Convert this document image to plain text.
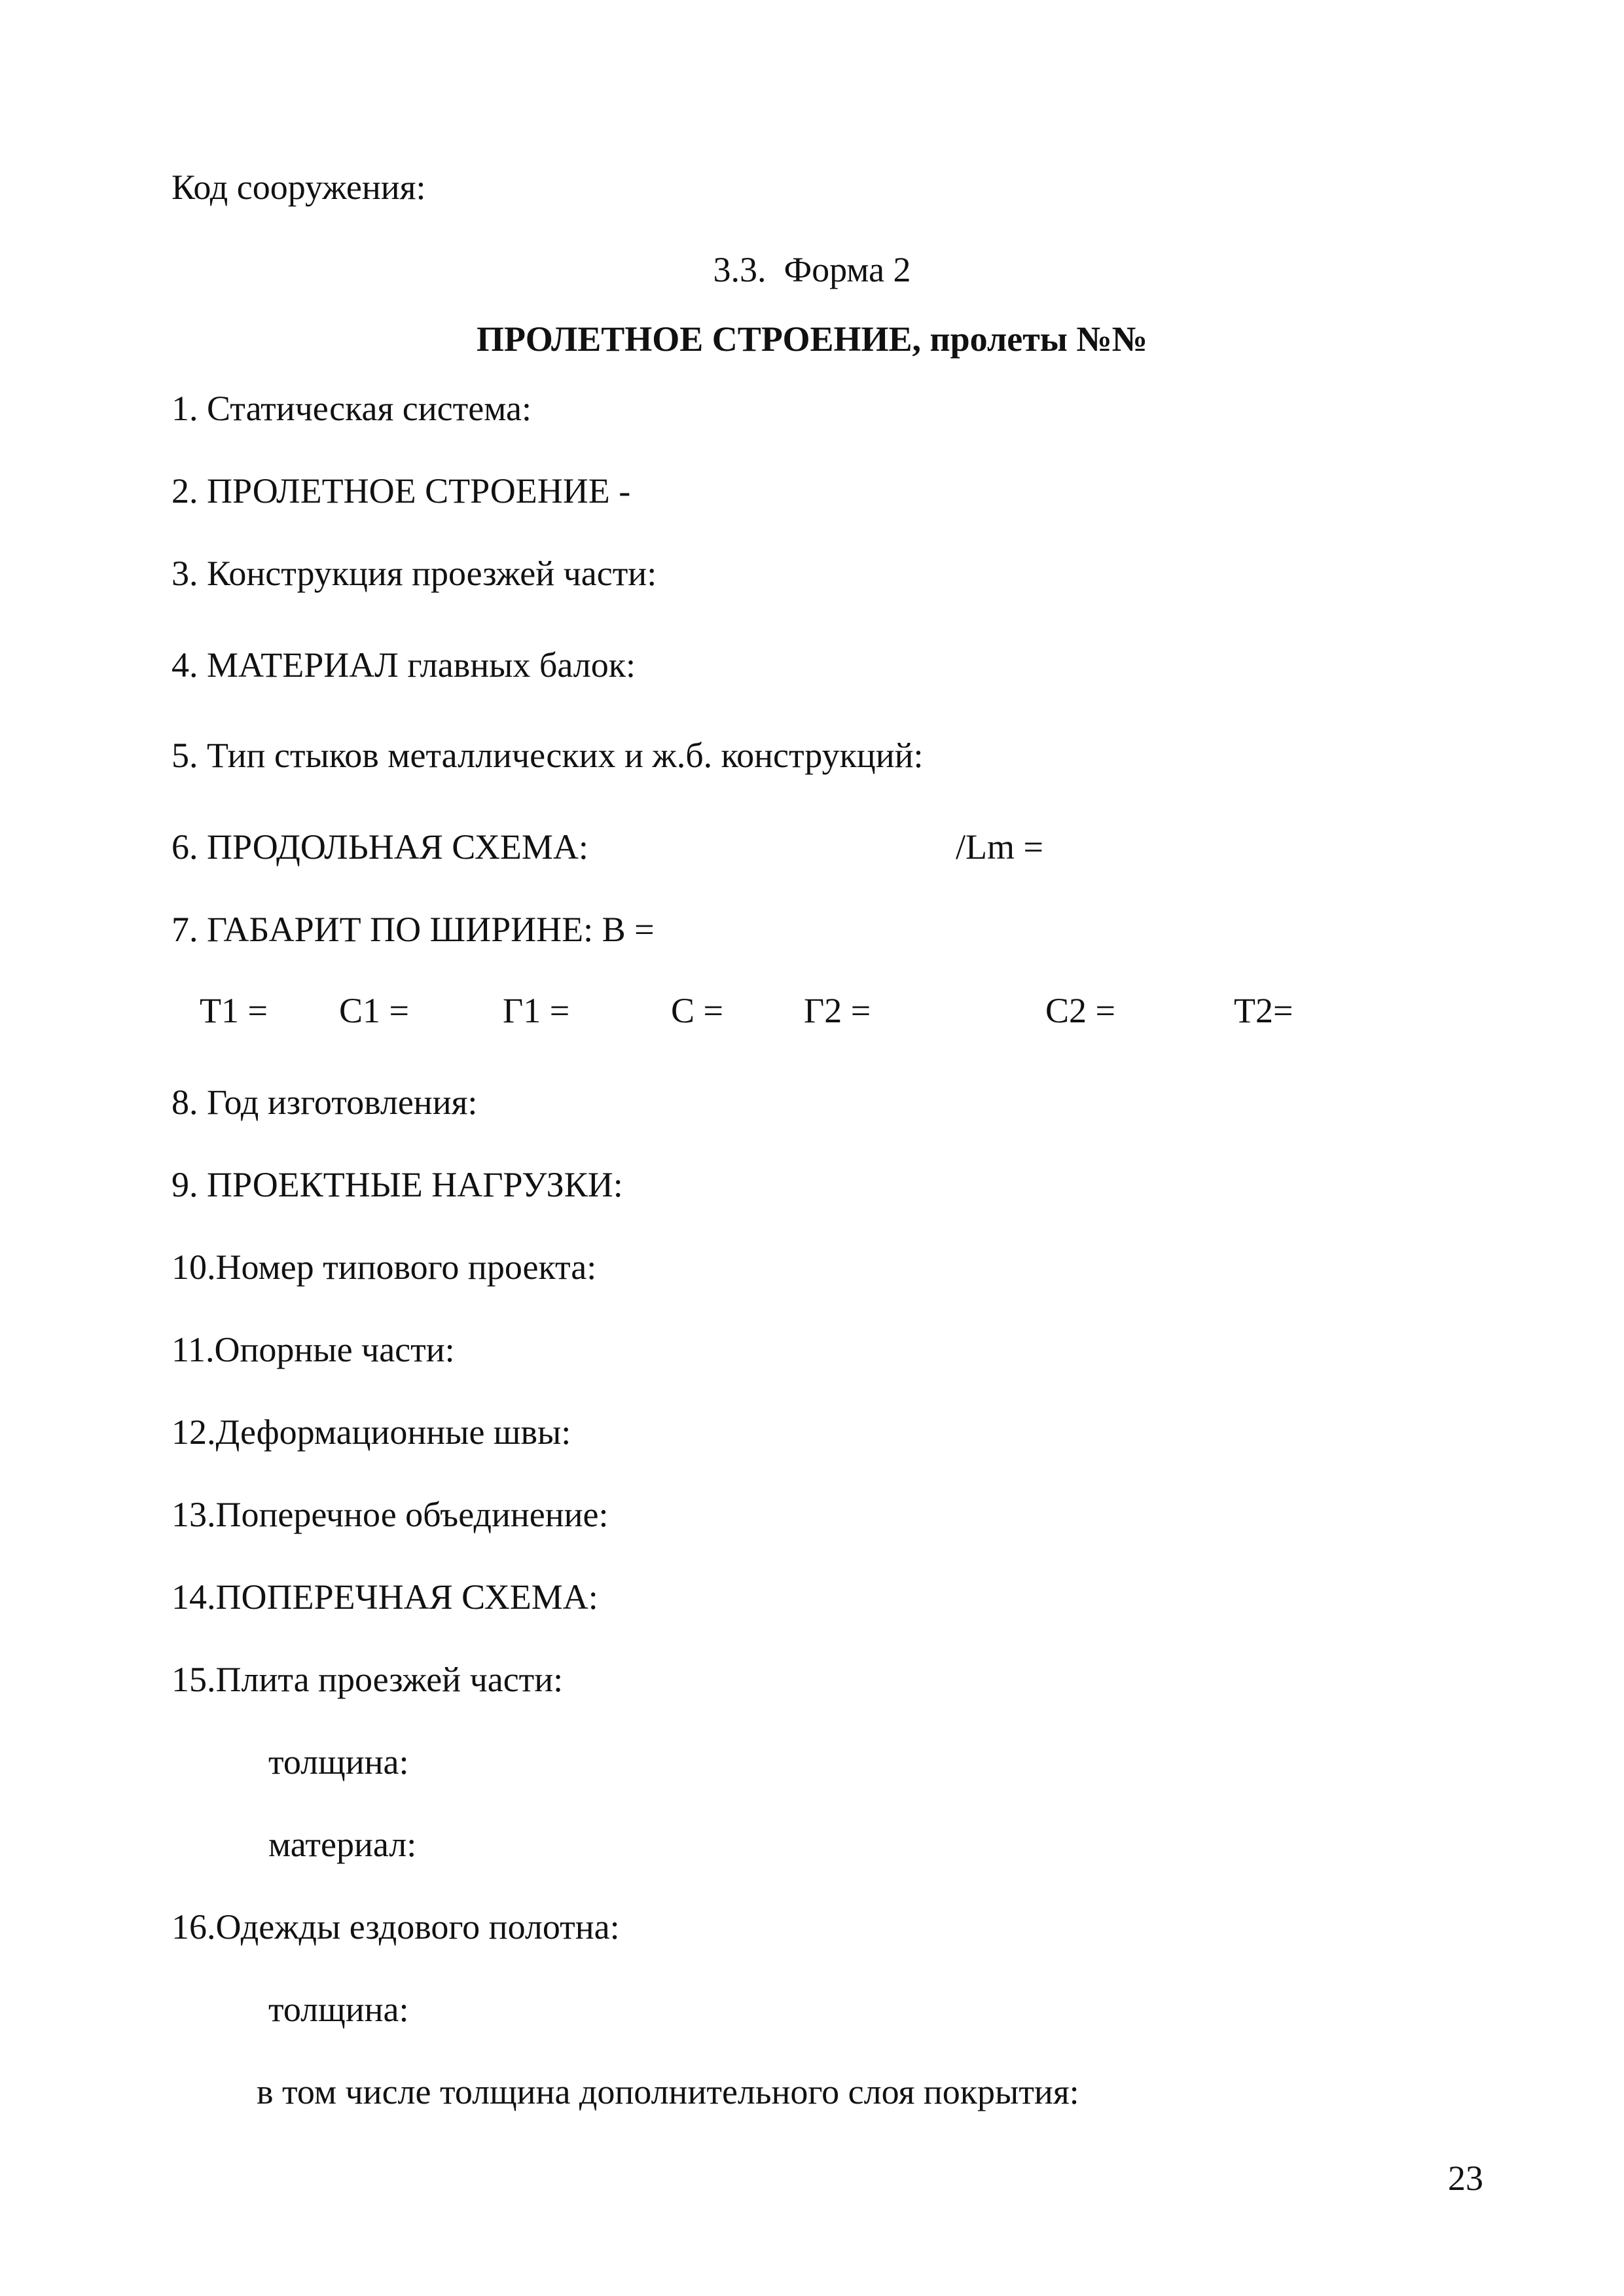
Код сооружения:
3.3. Форма 2
ПРОЛЕТНОЕ СТРОЕНИЕ, пролеты №№
1. Статическая система:
2. ПРОЛЕТНОЕ СТРОЕНИЕ -
3. Конструкция проезжей части:
4. МАТЕРИАЛ главных балок:
5. Тип стыков металлических и ж.б. конструкций:
6. ПРОДОЛЬНАЯ СХЕМА:	/Lm =
7. ГАБАРИТ ПО ШИРИНЕ: B =
T1 = C1 =	Г1 =	C = Г2 =	C2 =	T2=
8. Год изготовления:
9. ПРОЕКТНЫЕ НАГРУЗКИ:
10.Номер типового проекта:
11.Опорные части:
12.Деформационные швы:
13.Поперечное объединение:
14.ПОПЕРЕЧНАЯ СХЕМА:
15.Плита проезжей части:
толщина:
материал:
16.Одежды ездового полотна:
толщина:
в том числе толщина дополнительного слоя покрытия:
23
